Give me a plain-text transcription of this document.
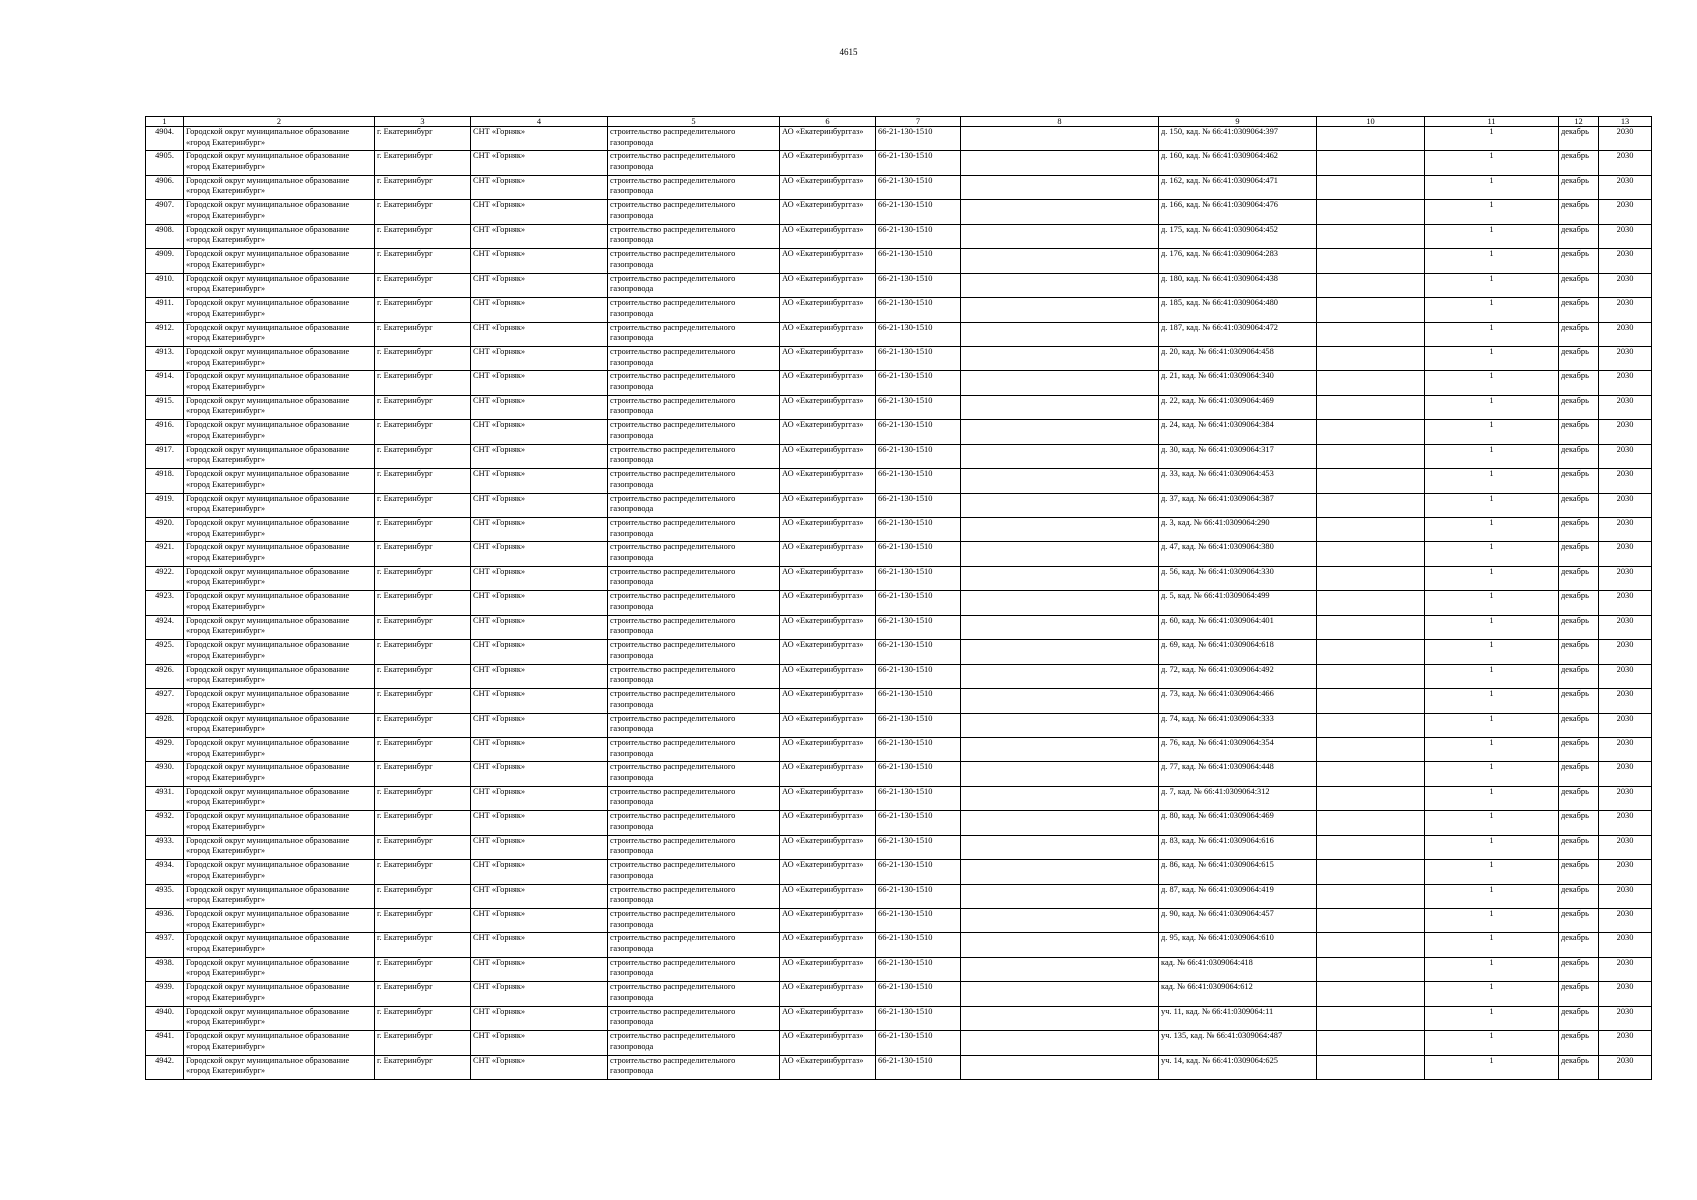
4615
1	2	3	4	5	6	7	8	9	10	11	12	13
4904.	Городской округ муниципальное образование
«город Екатеринбург»	г. Екатеринбург	СНТ «Горняк»	строительство распределительного
газопровода	АО «Екатеринбурггаз»	66-21-130-1510		д. 150, кад. № 66:41:0309064:397		1	декабрь	2030
4905.	Городской округ муниципальное образование
«город Екатеринбург»	г. Екатеринбург	СНТ «Горняк»	строительство распределительного
газопровода	АО «Екатеринбурггаз»	66-21-130-1510		д. 160, кад. № 66:41:0309064:462		1	декабрь	2030
4906.	Городской округ муниципальное образование
«город Екатеринбург»	г. Екатеринбург	СНТ «Горняк»	строительство распределительного
газопровода	АО «Екатеринбурггаз»	66-21-130-1510		д. 162, кад. № 66:41:0309064:471		1	декабрь	2030
4907.	Городской округ муниципальное образование
«город Екатеринбург»	г. Екатеринбург	СНТ «Горняк»	строительство распределительного
газопровода	АО «Екатеринбурггаз»	66-21-130-1510		д. 166, кад. № 66:41:0309064:476		1	декабрь	2030
4908.	Городской округ муниципальное образование
«город Екатеринбург»	г. Екатеринбург	СНТ «Горняк»	строительство распределительного
газопровода	АО «Екатеринбурггаз»	66-21-130-1510		д. 175, кад. № 66:41:0309064:452		1	декабрь	2030
4909.	Городской округ муниципальное образование
«город Екатеринбург»	г. Екатеринбург	СНТ «Горняк»	строительство распределительного
газопровода	АО «Екатеринбурггаз»	66-21-130-1510		д. 176, кад. № 66:41:0309064:283		1	декабрь	2030
4910.	Городской округ муниципальное образование
«город Екатеринбург»	г. Екатеринбург	СНТ «Горняк»	строительство распределительного
газопровода	АО «Екатеринбурггаз»	66-21-130-1510		д. 180, кад. № 66:41:0309064:438		1	декабрь	2030
4911.	Городской округ муниципальное образование
«город Екатеринбург»	г. Екатеринбург	СНТ «Горняк»	строительство распределительного
газопровода	АО «Екатеринбурггаз»	66-21-130-1510		д. 185, кад. № 66:41:0309064:480		1	декабрь	2030
4912.	Городской округ муниципальное образование
«город Екатеринбург»	г. Екатеринбург	СНТ «Горняк»	строительство распределительного
газопровода	АО «Екатеринбурггаз»	66-21-130-1510		д. 187, кад. № 66:41:0309064:472		1	декабрь	2030
4913.	Городской округ муниципальное образование
«город Екатеринбург»	г. Екатеринбург	СНТ «Горняк»	строительство распределительного
газопровода	АО «Екатеринбурггаз»	66-21-130-1510		д. 20, кад. № 66:41:0309064:458		1	декабрь	2030
4914.	Городской округ муниципальное образование
«город Екатеринбург»	г. Екатеринбург	СНТ «Горняк»	строительство распределительного
газопровода	АО «Екатеринбурггаз»	66-21-130-1510		д. 21, кад. № 66:41:0309064:340		1	декабрь	2030
4915.	Городской округ муниципальное образование
«город Екатеринбург»	г. Екатеринбург	СНТ «Горняк»	строительство распределительного
газопровода	АО «Екатеринбурггаз»	66-21-130-1510		д. 22, кад. № 66:41:0309064:469		1	декабрь	2030
4916.	Городской округ муниципальное образование
«город Екатеринбург»	г. Екатеринбург	СНТ «Горняк»	строительство распределительного
газопровода	АО «Екатеринбурггаз»	66-21-130-1510		д. 24, кад. № 66:41:0309064:384		1	декабрь	2030
4917.	Городской округ муниципальное образование
«город Екатеринбург»	г. Екатеринбург	СНТ «Горняк»	строительство распределительного
газопровода	АО «Екатеринбурггаз»	66-21-130-1510		д. 30, кад. № 66:41:0309064:317		1	декабрь	2030
4918.	Городской округ муниципальное образование
«город Екатеринбург»	г. Екатеринбург	СНТ «Горняк»	строительство распределительного
газопровода	АО «Екатеринбурггаз»	66-21-130-1510		д. 33, кад. № 66:41:0309064:453		1	декабрь	2030
4919.	Городской округ муниципальное образование
«город Екатеринбург»	г. Екатеринбург	СНТ «Горняк»	строительство распределительного
газопровода	АО «Екатеринбурггаз»	66-21-130-1510		д. 37, кад. № 66:41:0309064:387		1	декабрь	2030
4920.	Городской округ муниципальное образование
«город Екатеринбург»	г. Екатеринбург	СНТ «Горняк»	строительство распределительного
газопровода	АО «Екатеринбурггаз»	66-21-130-1510		д. 3, кад. № 66:41:0309064:290		1	декабрь	2030
4921.	Городской округ муниципальное образование
«город Екатеринбург»	г. Екатеринбург	СНТ «Горняк»	строительство распределительного
газопровода	АО «Екатеринбурггаз»	66-21-130-1510		д. 47, кад. № 66:41:0309064:380		1	декабрь	2030
4922.	Городской округ муниципальное образование
«город Екатеринбург»	г. Екатеринбург	СНТ «Горняк»	строительство распределительного
газопровода	АО «Екатеринбурггаз»	66-21-130-1510		д. 56, кад. № 66:41:0309064:330		1	декабрь	2030
4923.	Городской округ муниципальное образование
«город Екатеринбург»	г. Екатеринбург	СНТ «Горняк»	строительство распределительного
газопровода	АО «Екатеринбурггаз»	66-21-130-1510		д. 5, кад. № 66:41:0309064:499		1	декабрь	2030
4924.	Городской округ муниципальное образование
«город Екатеринбург»	г. Екатеринбург	СНТ «Горняк»	строительство распределительного
газопровода	АО «Екатеринбурггаз»	66-21-130-1510		д. 60, кад. № 66:41:0309064:401		1	декабрь	2030
4925.	Городской округ муниципальное образование
«город Екатеринбург»	г. Екатеринбург	СНТ «Горняк»	строительство распределительного
газопровода	АО «Екатеринбурггаз»	66-21-130-1510		д. 69, кад. № 66:41:0309064:618		1	декабрь	2030
4926.	Городской округ муниципальное образование
«город Екатеринбург»	г. Екатеринбург	СНТ «Горняк»	строительство распределительного
газопровода	АО «Екатеринбурггаз»	66-21-130-1510		д. 72, кад. № 66:41:0309064:492		1	декабрь	2030
4927.	Городской округ муниципальное образование
«город Екатеринбург»	г. Екатеринбург	СНТ «Горняк»	строительство распределительного
газопровода	АО «Екатеринбурггаз»	66-21-130-1510		д. 73, кад. № 66:41:0309064:466		1	декабрь	2030
4928.	Городской округ муниципальное образование
«город Екатеринбург»	г. Екатеринбург	СНТ «Горняк»	строительство распределительного
газопровода	АО «Екатеринбурггаз»	66-21-130-1510		д. 74, кад. № 66:41:0309064:333		1	декабрь	2030
4929.	Городской округ муниципальное образование
«город Екатеринбург»	г. Екатеринбург	СНТ «Горняк»	строительство распределительного
газопровода	АО «Екатеринбурггаз»	66-21-130-1510		д. 76, кад. № 66:41:0309064:354		1	декабрь	2030
4930.	Городской округ муниципальное образование
«город Екатеринбург»	г. Екатеринбург	СНТ «Горняк»	строительство распределительного
газопровода	АО «Екатеринбурггаз»	66-21-130-1510		д. 77, кад. № 66:41:0309064:448		1	декабрь	2030
4931.	Городской округ муниципальное образование
«город Екатеринбург»	г. Екатеринбург	СНТ «Горняк»	строительство распределительного
газопровода	АО «Екатеринбурггаз»	66-21-130-1510		д. 7, кад. № 66:41:0309064:312		1	декабрь	2030
4932.	Городской округ муниципальное образование
«город Екатеринбург»	г. Екатеринбург	СНТ «Горняк»	строительство распределительного
газопровода	АО «Екатеринбурггаз»	66-21-130-1510		д. 80, кад. № 66:41:0309064:469		1	декабрь	2030
4933.	Городской округ муниципальное образование
«город Екатеринбург»	г. Екатеринбург	СНТ «Горняк»	строительство распределительного
газопровода	АО «Екатеринбурггаз»	66-21-130-1510		д. 83, кад. № 66:41:0309064:616		1	декабрь	2030
4934.	Городской округ муниципальное образование
«город Екатеринбург»	г. Екатеринбург	СНТ «Горняк»	строительство распределительного
газопровода	АО «Екатеринбурггаз»	66-21-130-1510		д. 86, кад. № 66:41:0309064:615		1	декабрь	2030
4935.	Городской округ муниципальное образование
«город Екатеринбург»	г. Екатеринбург	СНТ «Горняк»	строительство распределительного
газопровода	АО «Екатеринбурггаз»	66-21-130-1510		д. 87, кад. № 66:41:0309064:419		1	декабрь	2030
4936.	Городской округ муниципальное образование
«город Екатеринбург»	г. Екатеринбург	СНТ «Горняк»	строительство распределительного
газопровода	АО «Екатеринбурггаз»	66-21-130-1510		д. 90, кад. № 66:41:0309064:457		1	декабрь	2030
4937.	Городской округ муниципальное образование
«город Екатеринбург»	г. Екатеринбург	СНТ «Горняк»	строительство распределительного
газопровода	АО «Екатеринбурггаз»	66-21-130-1510		д. 95, кад. № 66:41:0309064:610		1	декабрь	2030
4938.	Городской округ муниципальное образование
«город Екатеринбург»	г. Екатеринбург	СНТ «Горняк»	строительство распределительного
газопровода	АО «Екатеринбурггаз»	66-21-130-1510		кад. № 66:41:0309064:418		1	декабрь	2030
4939.	Городской округ муниципальное образование
«город Екатеринбург»	г. Екатеринбург	СНТ «Горняк»	строительство распределительного
газопровода	АО «Екатеринбурггаз»	66-21-130-1510		кад. № 66:41:0309064:612		1	декабрь	2030
4940.	Городской округ муниципальное образование
«город Екатеринбург»	г. Екатеринбург	СНТ «Горняк»	строительство распределительного
газопровода	АО «Екатеринбурггаз»	66-21-130-1510		уч. 11, кад. № 66:41:0309064:11		1	декабрь	2030
4941.	Городской округ муниципальное образование
«город Екатеринбург»	г. Екатеринбург	СНТ «Горняк»	строительство распределительного
газопровода	АО «Екатеринбурггаз»	66-21-130-1510		уч. 135, кад. № 66:41:0309064:487		1	декабрь	2030
4942.	Городской округ муниципальное образование
«город Екатеринбург»	г. Екатеринбург	СНТ «Горняк»	строительство распределительного
газопровода	АО «Екатеринбурггаз»	66-21-130-1510		уч. 14, кад. № 66:41:0309064:625		1	декабрь	2030
